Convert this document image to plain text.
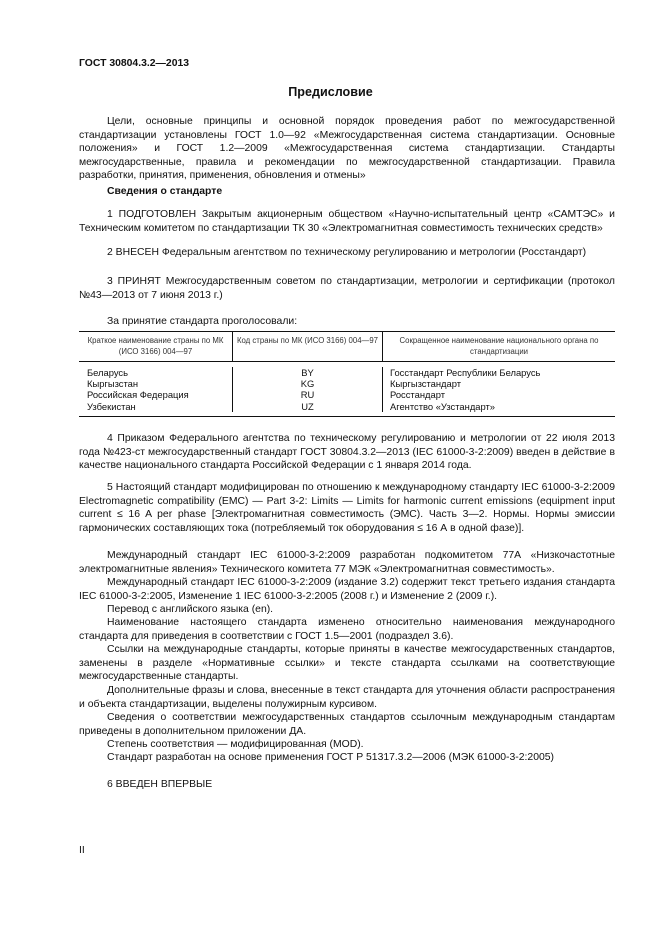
ГОСТ 30804.3.2—2013
Предисловие

Цели, основные принципы и основной порядок проведения работ по межгосударственной стандартизации установлены ГОСТ 1.0—92 «Межгосударственная система стандартизации. Основные положения» и ГОСТ 1.2—2009 «Межгосударственная система стандартизации. Стандарты межгосударственные, правила и рекомендации по межгосударственной стандартизации. Правила разработки, принятия, применения, обновления и отмены»

Сведения о стандарте

1 ПОДГОТОВЛЕН Закрытым акционерным обществом «Научно-испытательный центр «САМТЭС» и Техническим комитетом по стандартизации ТК 30 «Электромагнитная совместимость технических средств»

2 ВНЕСЕН Федеральным агентством по техническому регулированию и метрологии (Росстандарт)

3 ПРИНЯТ Межгосударственным советом по стандартизации, метрологии и сертификации (протокол №43—2013 от 7 июня 2013 г.)

За принятие стандарта проголосовали:

Краткое наименование страны по МК (ИСО 3166) 004—97
Код страны по МК (ИСО 3166) 004—97	Сокращенное наименование национального органа по стандартизации
Беларусь
Кыргызстан
Российская Федерация
Узбекистан
BY
KG
RU
UZ
Госстандарт Республики Беларусь
Кыргызстандарт
Росстандарт
Агентство «Узстандарт»

4 Приказом Федерального агентства по техническому регулированию и метрологии от 22 июля 2013 года №423-ст межгосударственный стандарт ГОСТ 30804.3.2—2013 (IEC 61000-3-2:2009) введен в действие в качестве национального стандарта Российской Федерации с 1 января 2014 года.

5 Настоящий стандарт модифицирован по отношению к международному стандарту IEC 61000-3-2:2009 Electromagnetic compatibility (EMC) — Part 3-2: Limits — Limits for harmonic current emissions (equipment input current ≤ 16 A per phase [Электромагнитная совместимость (ЭМС). Часть 3—2. Нормы. Нормы эмиссии гармонических составляющих тока (потребляемый ток оборудования ≤ 16 А в одной фазе)].

Международный стандарт IEC 61000-3-2:2009 разработан подкомитетом 77А «Низкочастотные электромагнитные явления» Технического комитета 77 МЭК «Электромагнитная совместимость».

Международный стандарт IEC 61000-3-2:2009 (издание 3.2) содержит текст третьего издания стандарта IEC 61000-3-2:2005, Изменение 1 IEC 61000-3-2:2005 (2008 г.) и Изменение 2 (2009 г.).

Перевод с английского языка (en).

Наименование настоящего стандарта изменено относительно наименования международного стандарта для приведения в соответствии с ГОСТ 1.5—2001 (подраздел 3.6).

Ссылки на международные стандарты, которые приняты в качестве межгосударственных стандартов, заменены в разделе «Нормативные ссылки» и тексте стандарта ссылками на соответствующие межгосударственные стандарты.

Дополнительные фразы и слова, внесенные в текст стандарта для уточнения области распространения и объекта стандартизации, выделены полужирным курсивом.

Сведения о соответствии межгосударственных стандартов ссылочным международным стандартам приведены в дополнительном приложении ДА.

Степень соответствия — модифицированная (MOD).

Стандарт разработан на основе применения ГОСТ Р 51317.3.2—2006 (МЭК 61000-3-2:2005)

6 ВВЕДЕН ВПЕРВЫЕ

II
